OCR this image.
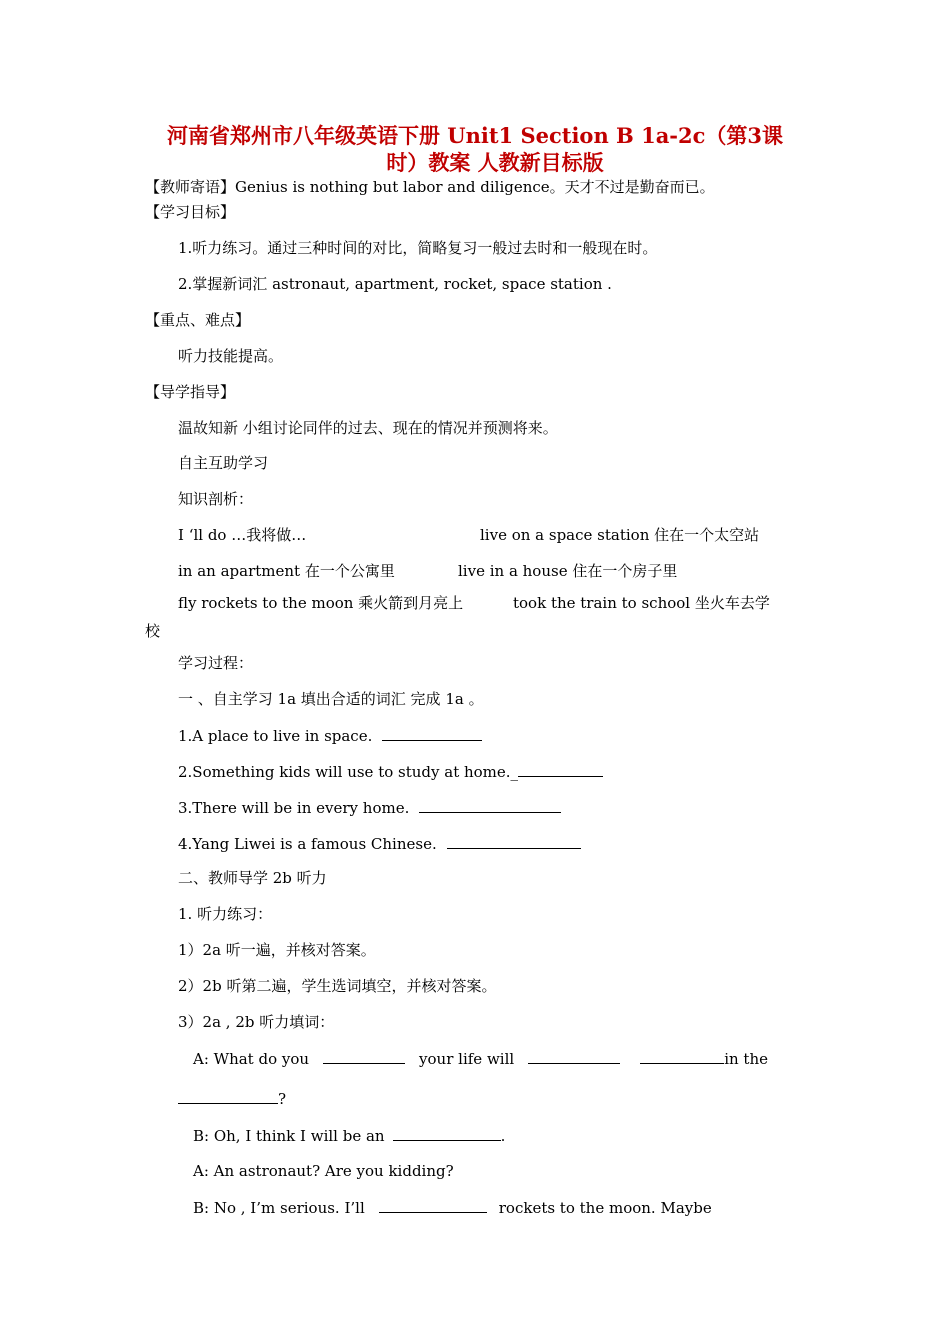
河南省郑州市八年级英语下册 Unit1 Section B 1a-2c（第3课
时）教案 人教新目标版
【教师寄语】Genius is nothing but labor and diligence。天才不过是勤奋而已。
【学习目标】
1.听力练习。通过三种时间的对比，简略复习一般过去时和一般现在时。
2.掌握新词汇 astronaut, apartment, rocket, space station .
【重点、难点】
听力技能提高。
【导学指导】
温故知新 小组讨论同伴的过去、现在的情况并预测将来。
自主互助学习
知识剖析：
I ‘ll do …我将做…	live on a space station 住在一个太空站
in an apartment 在一个公寓里	live in a house 住在一个房子里
fly rockets to the moon 乘火箭到月亮上	took the train to school 坐火车去学
校
学习过程：
一 、自主学习 1a 填出合适的词汇 完成 1a 。
1.A place to live in space.
2.Something kids will use to study at home._
3.There will be in every home.
4.Yang Liwei is a famous Chinese.
二、教师导学 2b 听力
1. 听力练习：
1）2a 听一遍，并核对答案。
2）2b 听第二遍，学生选词填空，并核对答案。
3）2a , 2b 听力填词：
A: What do you	your life will	in the
?
B: Oh, I think I will be an	.
A: An astronaut? Are you kidding?
B: No , I’m serious. I’ll	rockets to the moon. Maybe
